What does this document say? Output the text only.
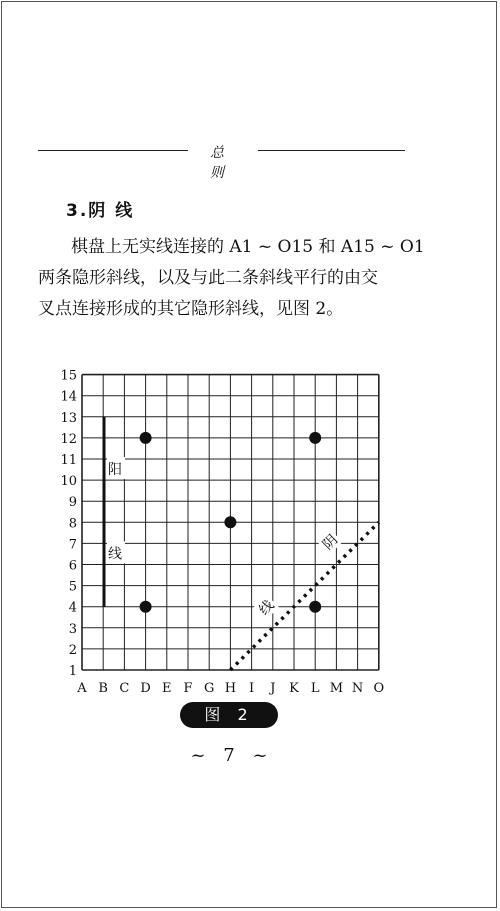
总 则
3.阴 线

棋盘上无实线连接的 A1 ~ O15 和 A15 ~ O1

两条隐形斜线，以及与此二条斜线平行的由交

叉点连接形成的其它隐形斜线，见图 2。

1
2
3
4
5
6
7
8
9
10
11
12
13
14
15
A B C D E F G H I J K L M N O
阳
线
线
阴
图 2
~ 7 ~
